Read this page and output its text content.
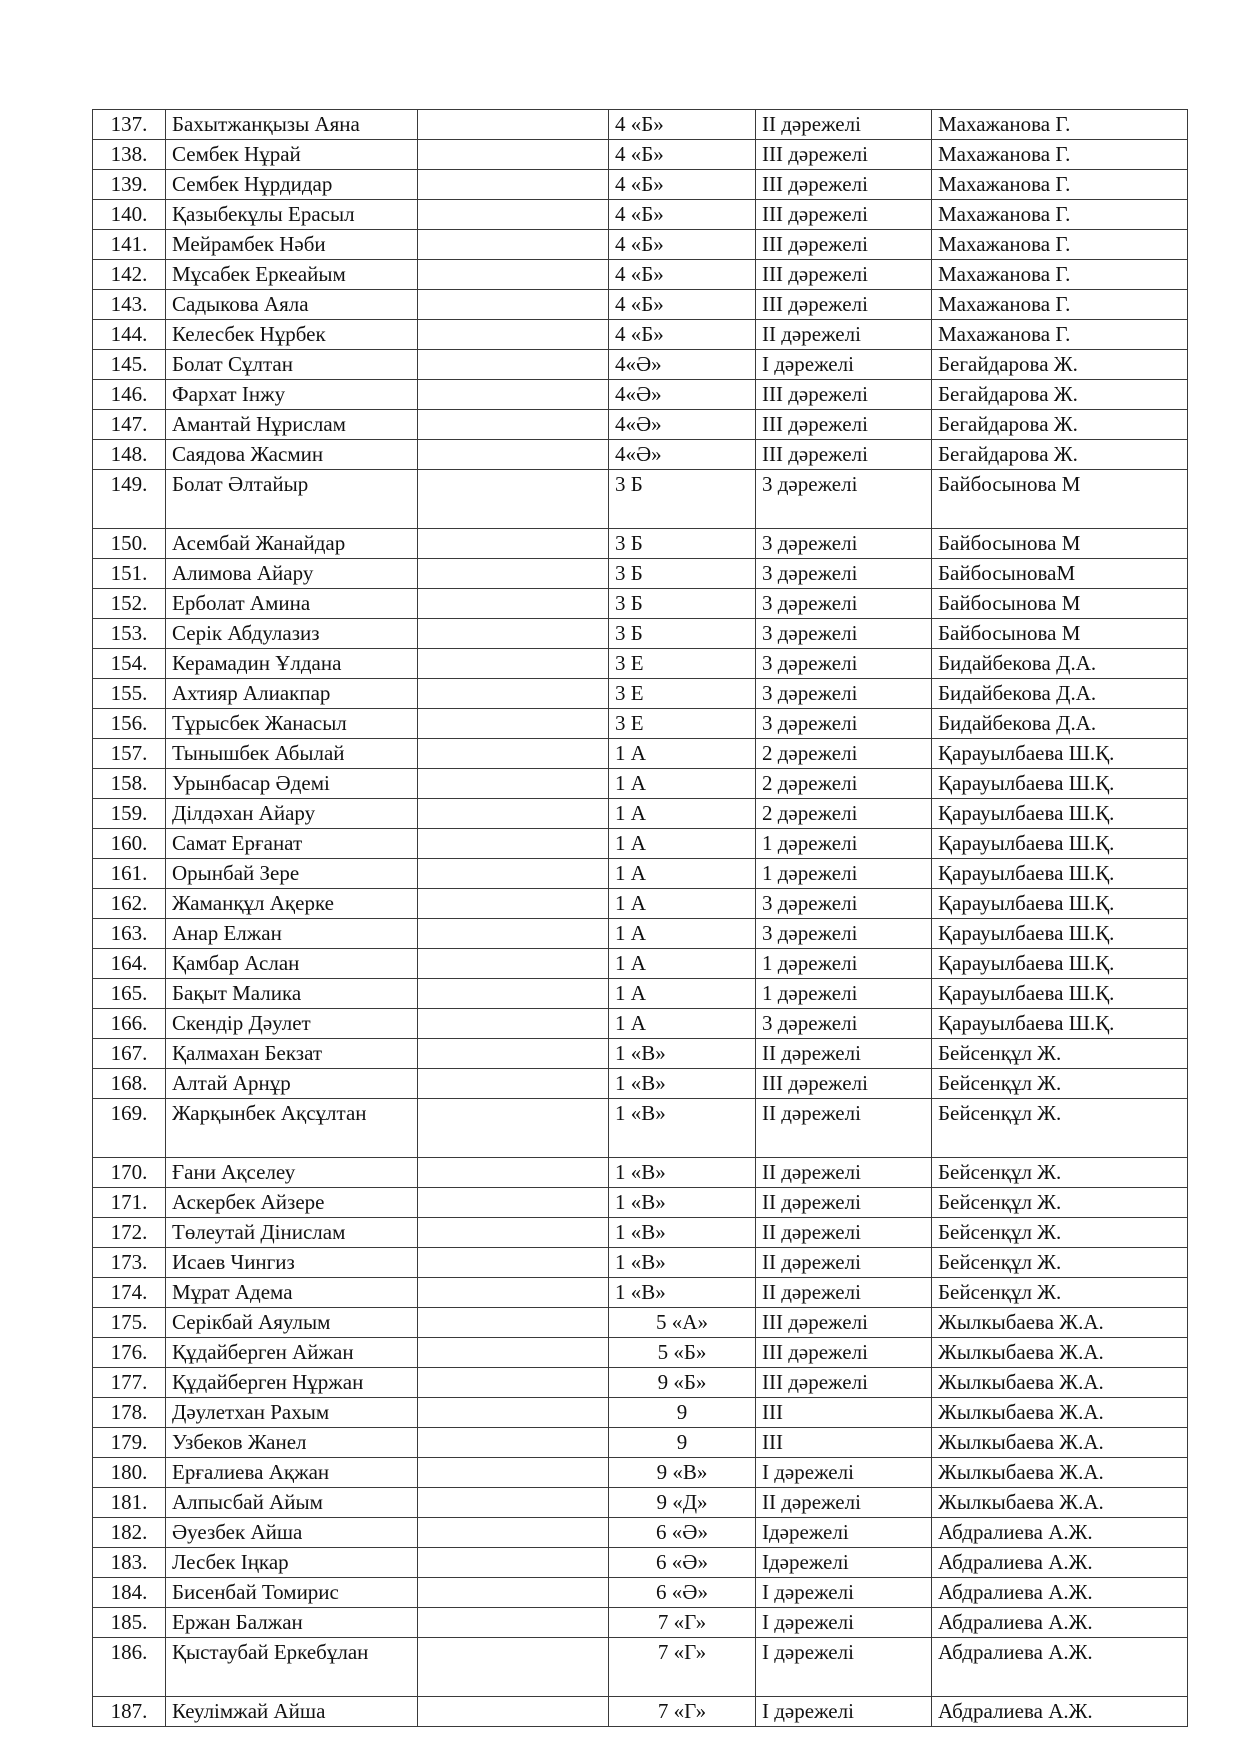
137.	Бахытжанқызы Аяна		4 «Б»	II дәрежелі	Махажанова Г.
138.	Сембек Нұрай		4 «Б»	III дәрежелі	Махажанова Г.
139.	Сембек Нұрдидар		4 «Б»	III дәрежелі	Махажанова Г.
140.	Қазыбекұлы Ерасыл		4 «Б»	III дәрежелі	Махажанова Г.
141.	Мейрамбек Нәби		4 «Б»	III дәрежелі	Махажанова Г.
142.	Мұсабек Еркеайым		4 «Б»	III дәрежелі	Махажанова Г.
143.	Садыкова Аяла		4 «Б»	III дәрежелі	Махажанова Г.
144.	Келесбек Нұрбек		4 «Б»	II дәрежелі	Махажанова Г.
145.	Болат Сұлтан		4«Ә»	I дәрежелі	Бегайдарова Ж.
146.	Фархат Інжу		4«Ә»	III дәрежелі	Бегайдарова Ж.
147.	Амантай Нұрислам		4«Ә»	III дәрежелі	Бегайдарова Ж.
148.	Саядова Жасмин		4«Ә»	III дәрежелі	Бегайдарова Ж.
149.	Болат Әлтайыр		3 Б	3 дәрежелі	Байбосынова М
150.	Асембай Жанайдар		3 Б	3 дәрежелі	Байбосынова М
151.	Алимова Айару		3 Б	3 дәрежелі	БайбосыноваМ
152.	Ерболат Амина		3 Б	3 дәрежелі	Байбосынова М
153.	Серік Абдулазиз		3 Б	3 дәрежелі	Байбосынова М
154.	Керамадин Ұлдана		3 Е	3 дәрежелі	Бидайбекова Д.А.
155.	Ахтияр Алиакпар		3 Е	3 дәрежелі	Бидайбекова Д.А.
156.	Тұрысбек Жанасыл		3 Е	3 дәрежелі	Бидайбекова Д.А.
157.	Тынышбек Абылай		1 А	2 дәрежелі	Қарауылбаева Ш.Қ.
158.	Урынбасар Әдемі		1 А	2 дәрежелі	Қарауылбаева Ш.Қ.
159.	Ділдәхан Айару		1 А	2 дәрежелі	Қарауылбаева Ш.Қ.
160.	Самат Ерғанат		1 А	1 дәрежелі	Қарауылбаева Ш.Қ.
161.	Орынбай Зере		1 А	1 дәрежелі	Қарауылбаева Ш.Қ.
162.	Жаманқұл Ақерке		1 А	3 дәрежелі	Қарауылбаева Ш.Қ.
163.	Анар Елжан		1 А	3 дәрежелі	Қарауылбаева Ш.Қ.
164.	Қамбар Аслан		1 А	1 дәрежелі	Қарауылбаева Ш.Қ.
165.	Бақыт Малика		1 А	1 дәрежелі	Қарауылбаева Ш.Қ.
166.	Скендір Дәулет		1 А	3 дәрежелі	Қарауылбаева Ш.Қ.
167.	Қалмахан Бекзат		1 «В»	II дәрежелі	Бейсенқұл Ж.
168.	Алтай Арнұр		1 «В»	III дәрежелі	Бейсенқұл Ж.
169.	Жарқынбек Ақсұлтан		1 «В»	II дәрежелі	Бейсенқұл Ж.
170.	Ғани Ақселеу		1 «В»	II дәрежелі	Бейсенқұл Ж.
171.	Аскербек Айзере		1 «В»	II дәрежелі	Бейсенқұл Ж.
172.	Төлеутай Дінислам		1 «В»	II дәрежелі	Бейсенқұл Ж.
173.	Исаев Чингиз		1 «В»	II дәрежелі	Бейсенқұл Ж.
174.	Мұрат Адема		1 «В»	II дәрежелі	Бейсенқұл Ж.
175.	Серікбай Аяулым		5 «А»	III дәрежелі	Жылкыбаева Ж.А.
176.	Құдайберген Айжан		5 «Б»	III дәрежелі	Жылкыбаева Ж.А.
177.	Құдайберген Нұржан		9 «Б»	III дәрежелі	Жылкыбаева Ж.А.
178.	Дәулетхан Рахым		9	III	Жылкыбаева Ж.А.
179.	Узбеков Жанел		9	III	Жылкыбаева Ж.А.
180.	Ерғалиева Ақжан		9 «В»	I дәрежелі	Жылкыбаева Ж.А.
181.	Алпысбай Айым		9 «Д»	II дәрежелі	Жылкыбаева Ж.А.
182.	Әуезбек Айша		6 «Ә»	Ідәрежелі	Абдралиева А.Ж.
183.	Лесбек Іңкар		6 «Ә»	Ідәрежелі	Абдралиева А.Ж.
184.	Бисенбай Томирис		6 «Ә»	І дәрежелі	Абдралиева А.Ж.
185.	Ержан Балжан		7 «Г»	І дәрежелі	Абдралиева А.Ж.
186.	Қыстаубай Еркебұлан		7 «Г»	І дәрежелі	Абдралиева А.Ж.
187.	Кеулімжай Айша		7 «Г»	І дәрежелі	Абдралиева А.Ж.
